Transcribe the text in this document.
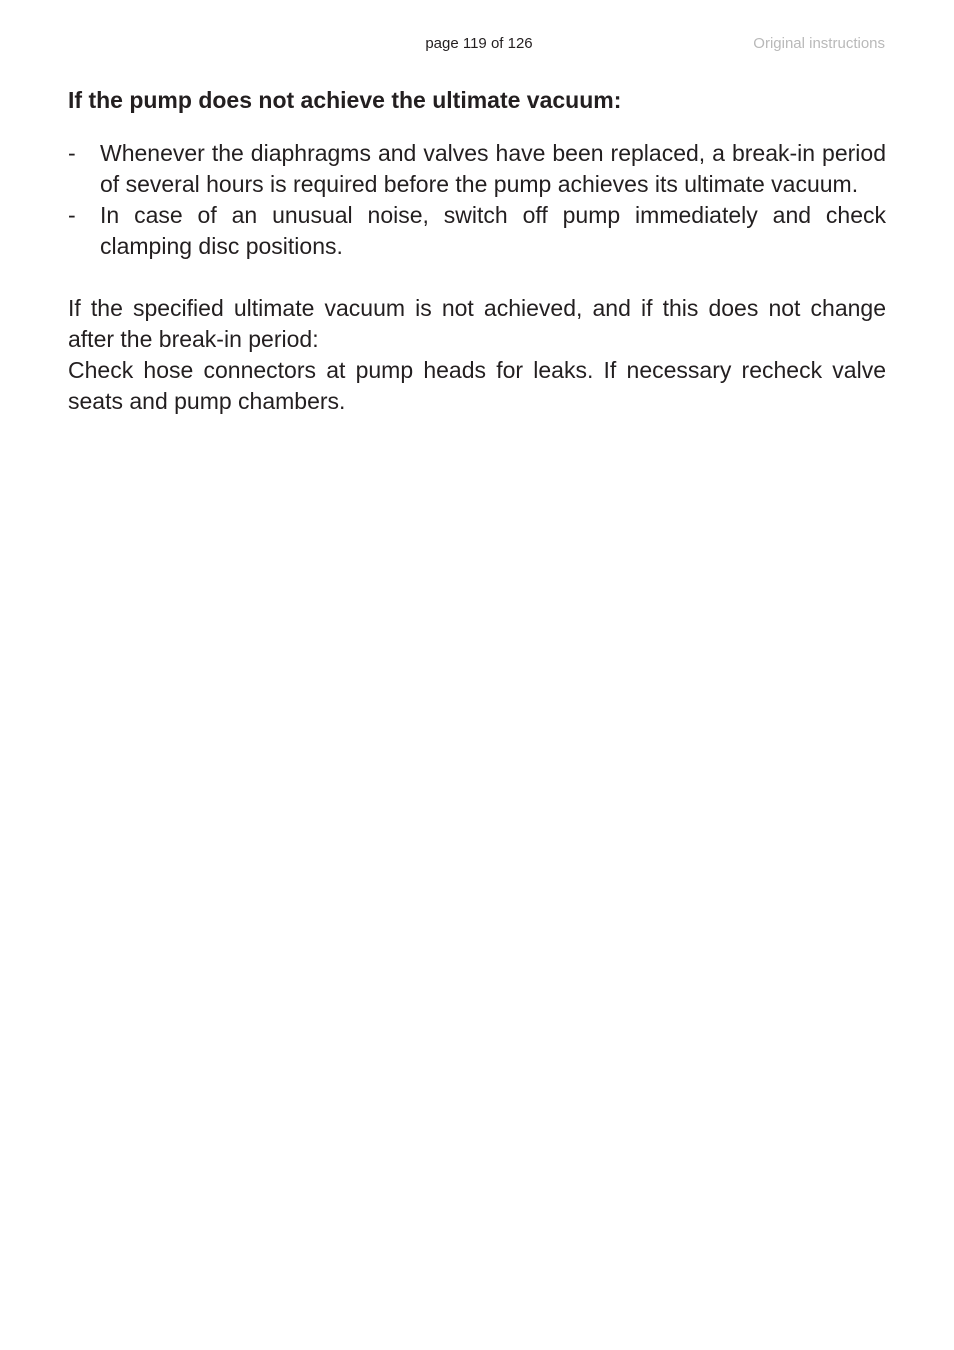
page 119 of 126	Original instructions
If the pump does not achieve the ultimate vacuum:
-	Whenever the diaphragms and valves have been replaced, a break-in period of several hours is required before the pump achieves its ultimate vacuum.
-	In case of an unusual noise, switch off pump immediately and check clamping disc positions.

If the specified ultimate vacuum is not achieved, and if this does not change after the break-in period:

Check hose connectors at pump heads for leaks. If necessary recheck valve seats and pump chambers.
